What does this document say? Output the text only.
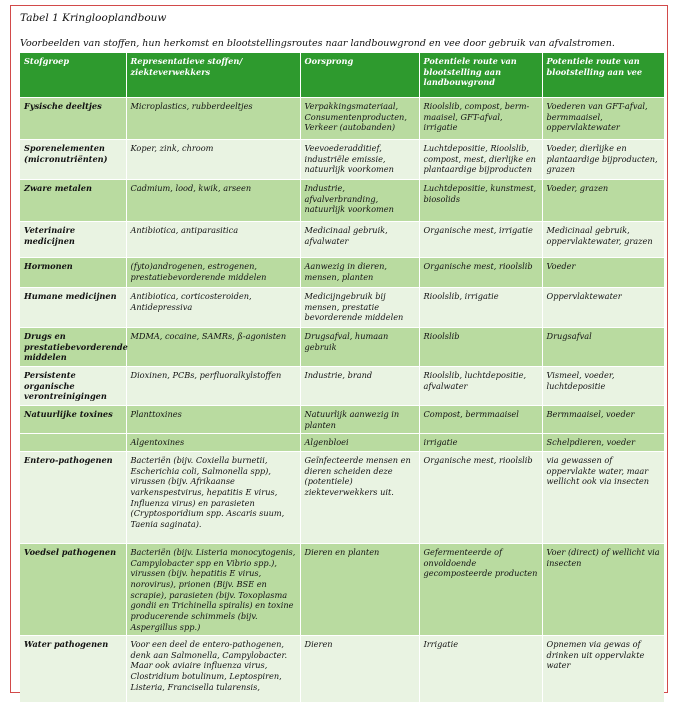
Tabel 1 Kringlooplandbouw
Voorbeelden van stoffen, hun herkomst en blootstellingsroutes naar landbouwgrond en vee door gebruik van afvalstromen.
Stofgroep	Representatieve stoffen/ ziekteverwekkers	Oorsprong	Potentiele route van blootstelling aan landbouwgrond	Potentiele route van blootstelling aan vee
Fysische deeltjes	Microplastics, rubberdeeltjes	Verpakkingsmateriaal, Consumentenproducten, Verkeer (autobanden)	Rioolslib, compost, berm-maaisel, GFT-afval, irrigatie	Voederen van GFT-afval, bermmaaisel, oppervlaktewater
Sporenelementen (micronutriënten)	Koper, zink, chroom	Veevoederadditief, industriële emissie, natuurlijk voorkomen	Luchtdepositie, Rioolslib, compost, mest, dierlijke en plantaardige bijproducten	Voeder, dierlijke en plantaardige bijproducten, grazen
Zware metalen	Cadmium, lood, kwik, arseen	Industrie, afvalverbranding, natuurlijk voorkomen	Luchtdepositie, kunstmest, biosolids	Voeder, grazen
Veterinaire medicijnen	Antibiotica, antiparasitica	Medicinaal gebruik, afvalwater	Organische mest, irrigatie	Medicinaal gebruik, oppervlaktewater, grazen
Hormonen	(fyto)androgenen, estrogenen, prestatiebevorderende middelen	Aanwezig in dieren, mensen, planten	Organische mest, rioolslib	Voeder
Humane medicijnen	Antibiotica, corticosteroiden, Antidepressiva	Medicijngebruik bij mensen, prestatie bevorderende middelen	Rioolslib, irrigatie	Oppervlaktewater
Drugs en prestatiebevorderende middelen	MDMA, cocaine, SAMRs, ß-agonisten	Drugsafval, humaan gebruik	Rioolslib	Drugsafval
Persistente organische verontreinigingen	Dioxinen, PCBs, perfluoralkylstoffen	Industrie, brand	Rioolslib, luchtdepositie, afvalwater	Vismeel, voeder, luchtdepositie
Natuurlijke toxines	Planttoxines	Natuurlijk aanwezig in planten	Compost, bermmaaisel	Bermmaaisel, voeder
	Algentoxines	Algenbloei	irrigatie	Schelpdieren, voeder
Entero-pathogenen	Bacteriën (bijv. Coxiella burnetii, Escherichia coli, Salmonella spp), virussen (bijv. Afrikaanse varkenspestvirus, hepatitis E virus, Influenza virus) en parasieten (Cryptosporidium spp. Ascaris suum, Taenia saginata).	Geïnfecteerde mensen en dieren scheiden deze (potentiele) ziekteverwekkers uit.	Organische mest, rioolslib	via gewassen of oppervlakte water, maar wellicht ook via insecten
Voedsel pathogenen	Bacteriën (bijv. Listeria monocytogenis, Campylobacter spp en Vibrio spp.), virussen (bijv. hepatitis E virus, norovirus), prionen (Bijv. BSE en scrapie), parasieten (bijv. Toxoplasma gondii en Trichinella spiralis) en toxine producerende schimmels (bijv. Aspergillus spp.)	Dieren en planten	Gefermenteerde of onvoldoende gecomposteerde producten	Voer (direct) of wellicht via insecten
Water pathogenen	Voor een deel de entero-pathogenen, denk aan Salmonella, Campylobacter. Maar ook aviaire influenza virus, Clostridium botulinum, Leptospiren, Listeria, Francisella tularensis,	Dieren	Irrigatie	Opnemen via gewas of drinken uit oppervlakte water
